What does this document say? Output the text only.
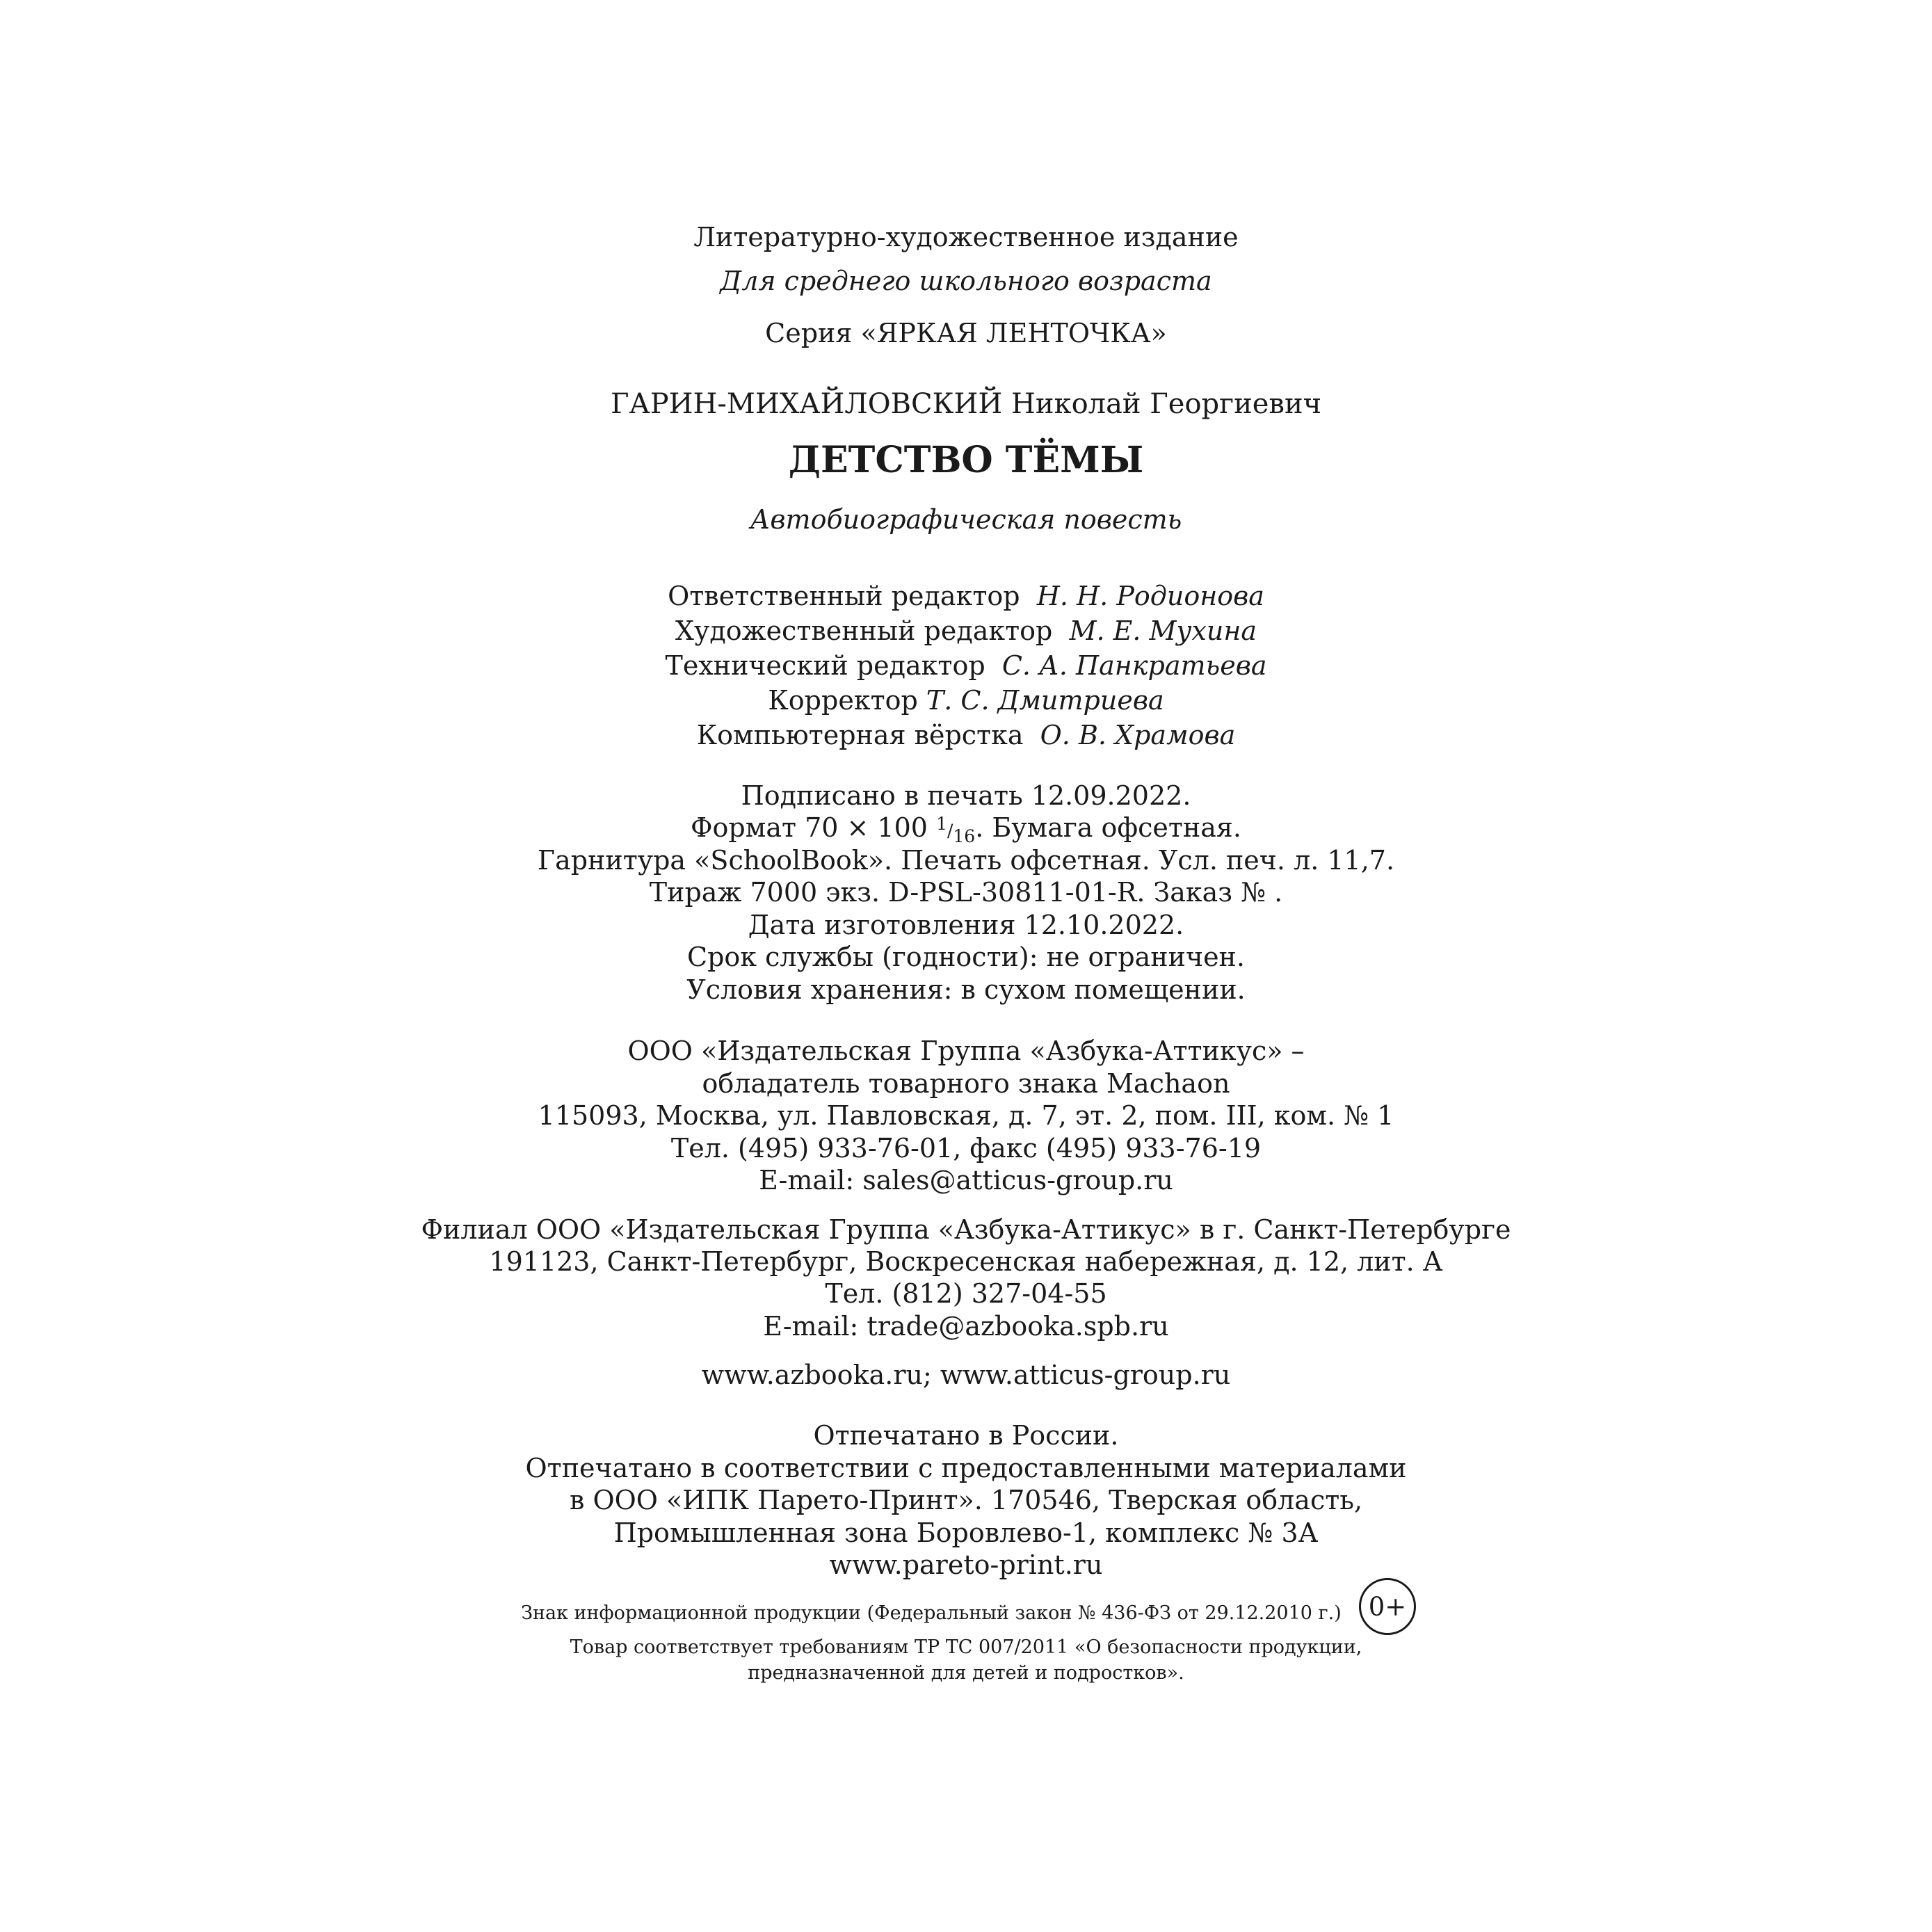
Литературно-художественное издание
Для среднего школьного возраста
Серия «ЯРКАЯ ЛЕНТОЧКА»
ГАРИН-МИХАЙЛОВСКИЙ Николай Георгиевич
ДЕТСТВО ТЁМЫ
Автобиографическая повесть
Ответственный редактор Н. Н. Родионова
Художественный редактор М. Е. Мухина
Технический редактор С. А. Панкратьева
Корректор Т. С. Дмитриева
Компьютерная вёрстка О. В. Храмова
Подписано в печать 12.09.2022.
Формат 70 × 100 $^1/_{16}$. Бумага офсетная.
Гарнитура «SchoolBook». Печать офсетная. Усл. печ. л. 11,7.
Тираж 7000 экз. D-PSL-30811-01-R. Заказ № .
Дата изготовления 12.10.2022.
Срок службы (годности): не ограничен.
Условия хранения: в сухом помещении.
ООО «Издательская Группа «Азбука-Аттикус» –
обладатель товарного знака Machaon
115093, Москва, ул. Павловская, д. 7, эт. 2, пом. III, ком. № 1
Тел. (495) 933-76-01, факс (495) 933-76-19
E-mail: sales@atticus-group.ru
Филиал ООО «Издательская Группа «Азбука-Аттикус» в г. Санкт-Петербурге
191123, Санкт-Петербург, Воскресенская набережная, д. 12, лит. А
Тел. (812) 327-04-55
E-mail: trade@azbooka.spb.ru
www.azbooka.ru; www.atticus-group.ru
Отпечатано в России.
Отпечатано в соответствии с предоставленными материалами
в ООО «ИПК Парето-Принт». 170546, Тверская область,
Промышленная зона Боровлево-1, комплекс № 3А
www.pareto-print.ru
Знак информационной продукции (Федеральный закон № 436-ФЗ от 29.12.2010 г.)	0+
Товар соответствует требованиям ТР ТС 007/2011 «О безопасности продукции,
предназначенной для детей и подростков».
